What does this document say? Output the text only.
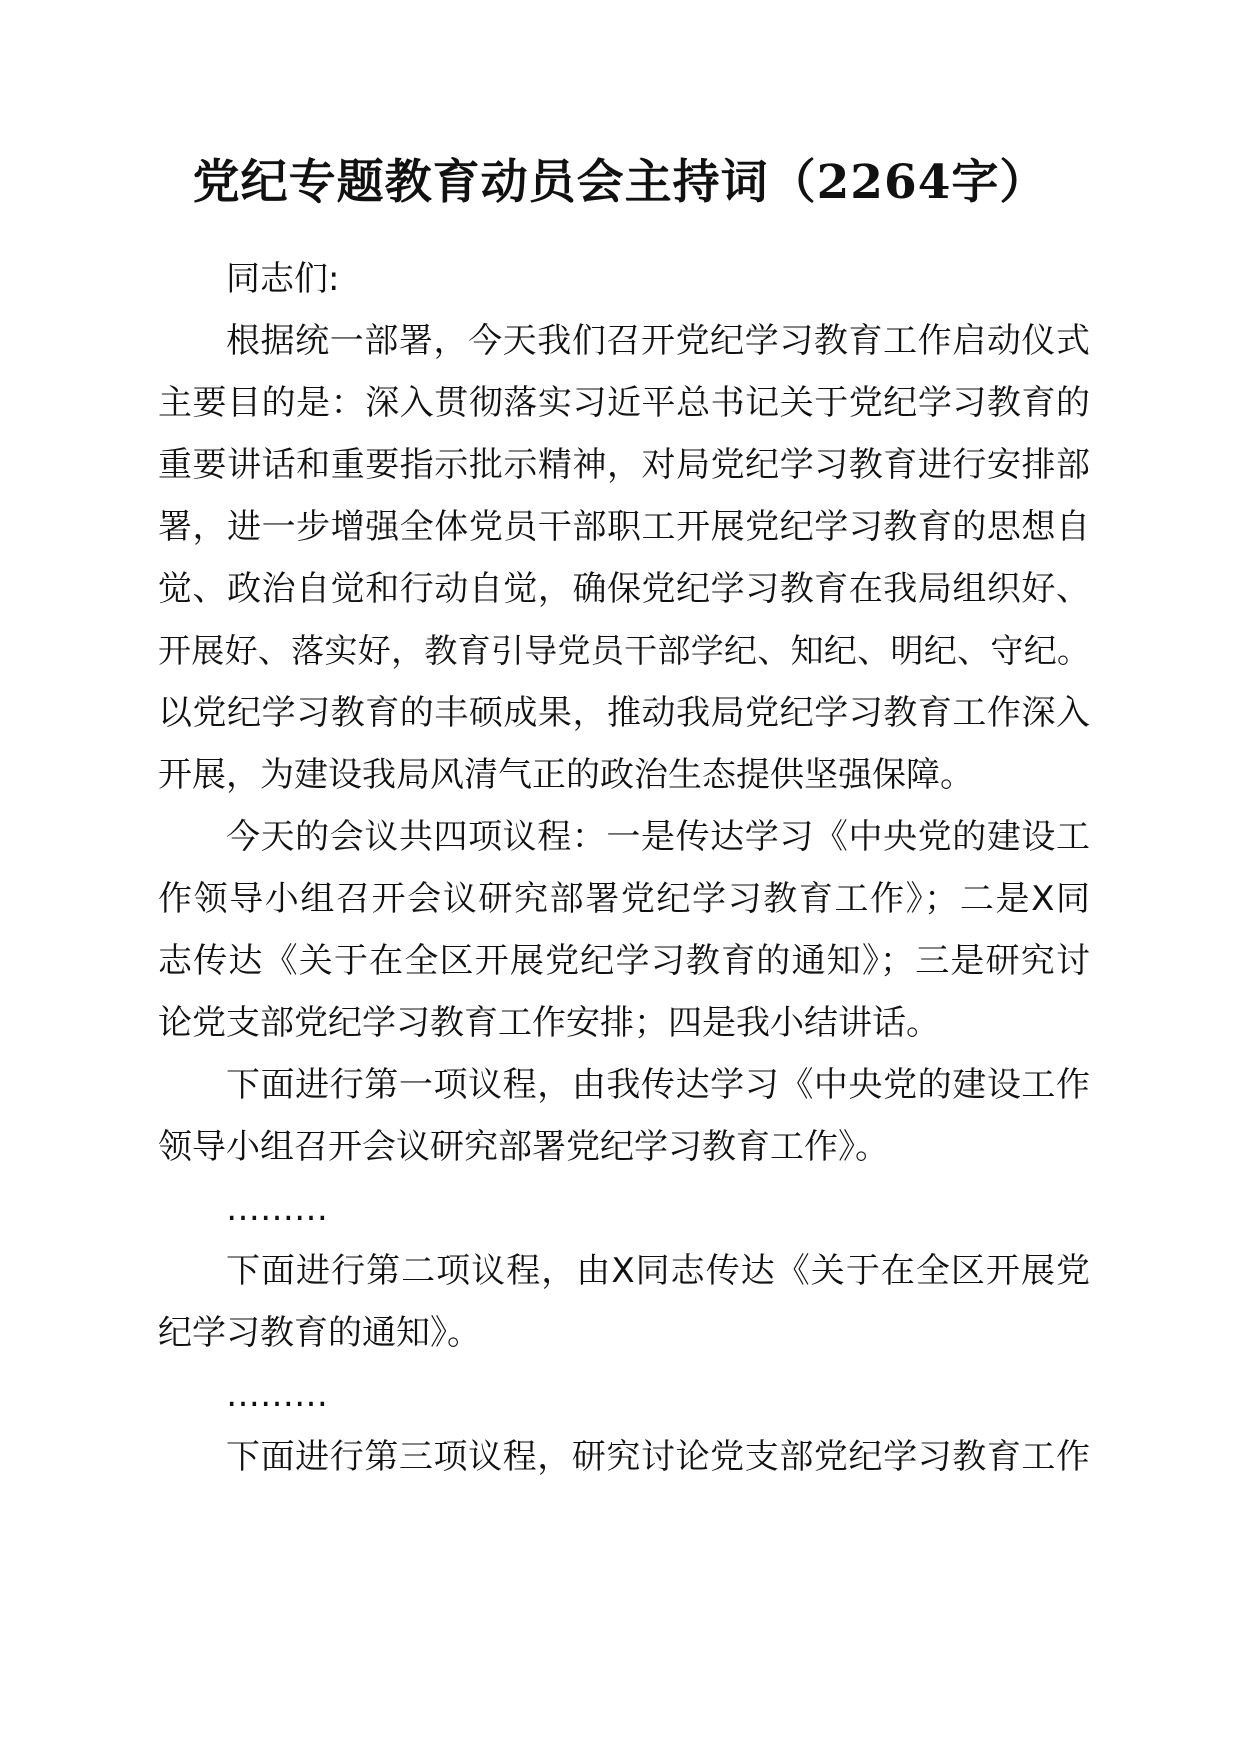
党纪专题教育动员会主持词（2264字）
同志们:
根据统一部署，今天我们召开党纪学习教育工作启动仪式
主要目的是：深入贯彻落实习近平总书记关于党纪学习教育的
重要讲话和重要指示批示精神，对局党纪学习教育进行安排部
署，进一步增强全体党员干部职工开展党纪学习教育的思想自
觉、政治自觉和行动自觉，确保党纪学习教育在我局组织好、
开展好、落实好，教育引导党员干部学纪、知纪、明纪、守纪。
以党纪学习教育的丰硕成果，推动我局党纪学习教育工作深入
开展，为建设我局风清气正的政治生态提供坚强保障。
今天的会议共四项议程：一是传达学习《中央党的建设工
作领导小组召开会议研究部署党纪学习教育工作》；二是X同
志传达《关于在全区开展党纪学习教育的通知》；三是研究讨
论党支部党纪学习教育工作安排；四是我小结讲话。
下面进行第一项议程，由我传达学习《中央党的建设工作
领导小组召开会议研究部署党纪学习教育工作》。
………
下面进行第二项议程，由X同志传达《关于在全区开展党
纪学习教育的通知》。
………
下面进行第三项议程，研究讨论党支部党纪学习教育工作
